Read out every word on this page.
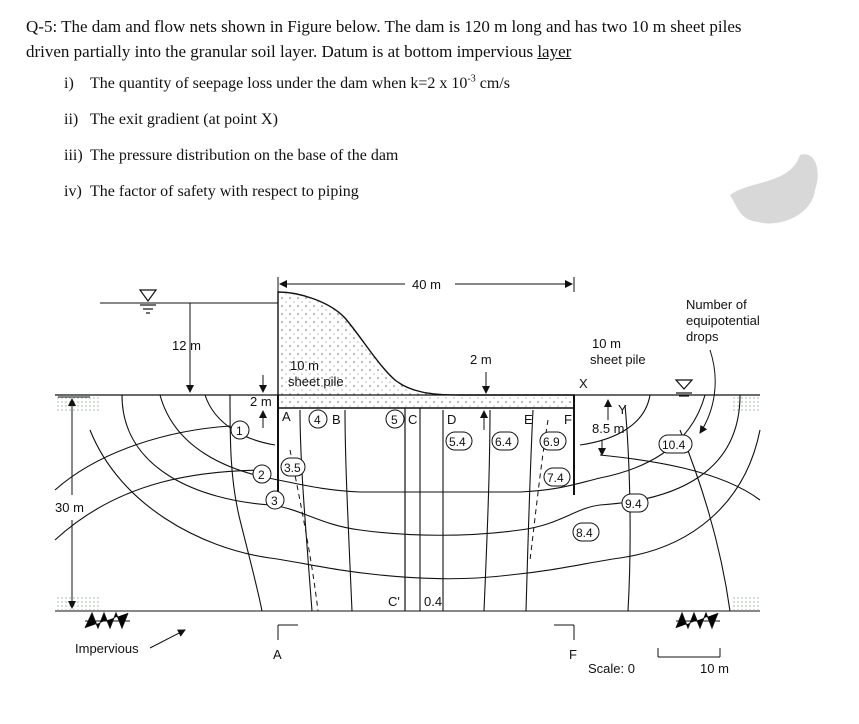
Q-5: The dam and flow nets shown in Figure below. The dam is 120 m long and has two 10 m sheet piles
driven partially into the granular soil layer. Datum is at bottom impervious layer

i) The quantity of seepage loss under the dam when k=2 x $10^{-3}$ cm/s
ii) The exit gradient (at point X)
iii) The pressure distribution on the base of the dam
iv) The factor of safety with respect to piping
12 m
40 m
2 m
2 m
30 m
A	F
Impervious
10 m
sheet pile
10 m
sheet pile
Number of
equipotential
drops
A	B	C D	E F
X
Y
C' 0.4
8.5 m
1
2
3
3.5
4	5
5.4 6.4	6.9
7.4
8.4
9.4
10.4
Scale: 0	10 m
